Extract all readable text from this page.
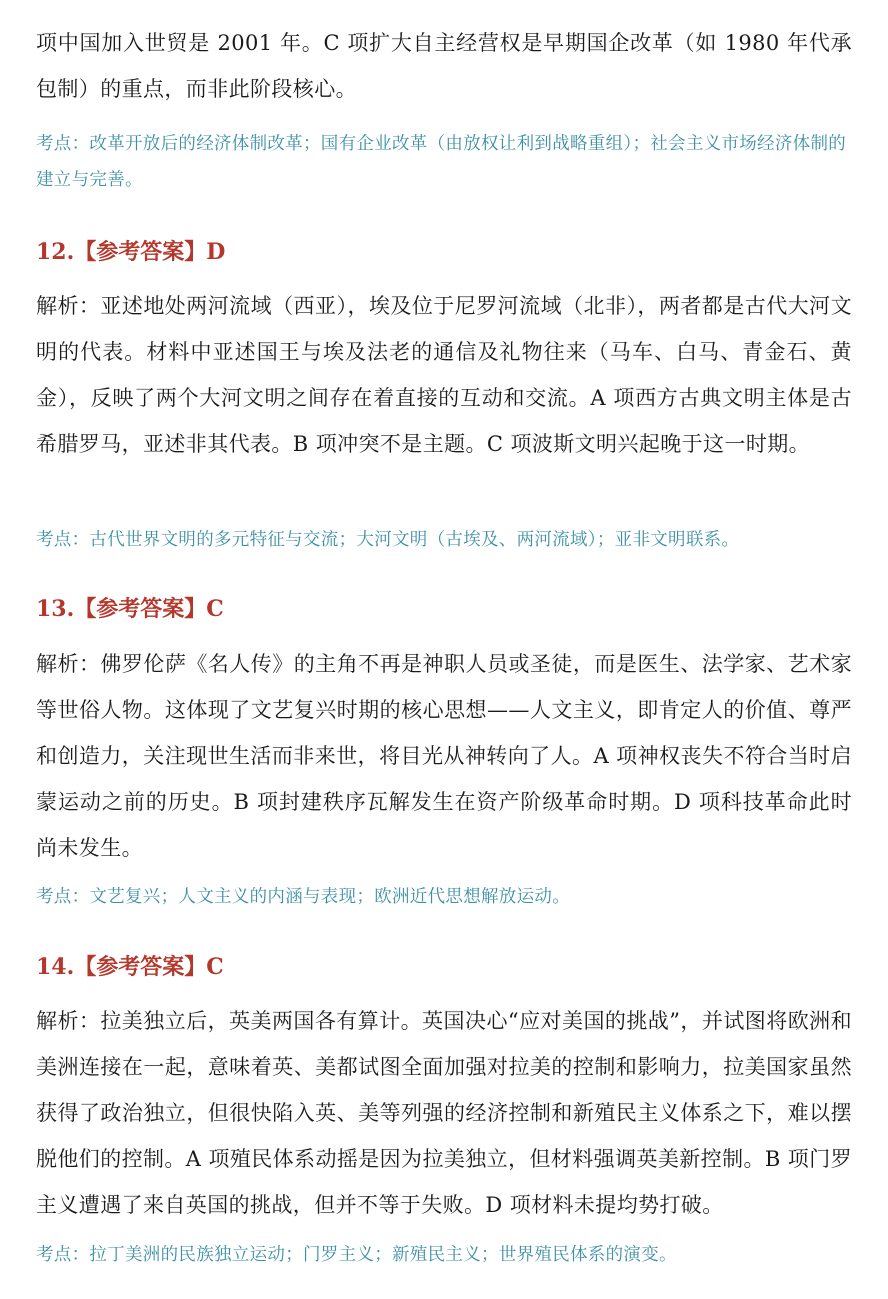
项中国加入世贸是 2001 年。C 项扩大自主经营权是早期国企改革（如 1980 年代承包制）的重点，而非此阶段核心。

考点：改革开放后的经济体制改革；国有企业改革（由放权让利到战略重组）；社会主义市场经济体制的建立与完善。

12.【参考答案】D

解析：亚述地处两河流域（西亚），埃及位于尼罗河流域（北非），两者都是古代大河文明的代表。材料中亚述国王与埃及法老的通信及礼物往来（马车、白马、青金石、黄金），反映了两个大河文明之间存在着直接的互动和交流。A 项西方古典文明主体是古希腊罗马，亚述非其代表。B 项冲突不是主题。C 项波斯文明兴起晚于这一时期。

考点：古代世界文明的多元特征与交流；大河文明（古埃及、两河流域）；亚非文明联系。

13.【参考答案】C

解析：佛罗伦萨《名人传》的主角不再是神职人员或圣徒，而是医生、法学家、艺术家等世俗人物。这体现了文艺复兴时期的核心思想——人文主义，即肯定人的价值、尊严和创造力，关注现世生活而非来世，将目光从神转向了人。A 项神权丧失不符合当时启蒙运动之前的历史。B 项封建秩序瓦解发生在资产阶级革命时期。D 项科技革命此时尚未发生。

考点：文艺复兴；人文主义的内涵与表现；欧洲近代思想解放运动。

14.【参考答案】C

解析：拉美独立后，英美两国各有算计。英国决心“应对美国的挑战”，并试图将欧洲和美洲连接在一起，意味着英、美都试图全面加强对拉美的控制和影响力，拉美国家虽然获得了政治独立，但很快陷入英、美等列强的经济控制和新殖民主义体系之下，难以摆脱他们的控制。A 项殖民体系动摇是因为拉美独立，但材料强调英美新控制。B 项门罗主义遭遇了来自英国的挑战，但并不等于失败。D 项材料未提均势打破。

考点：拉丁美洲的民族独立运动；门罗主义；新殖民主义；世界殖民体系的演变。
